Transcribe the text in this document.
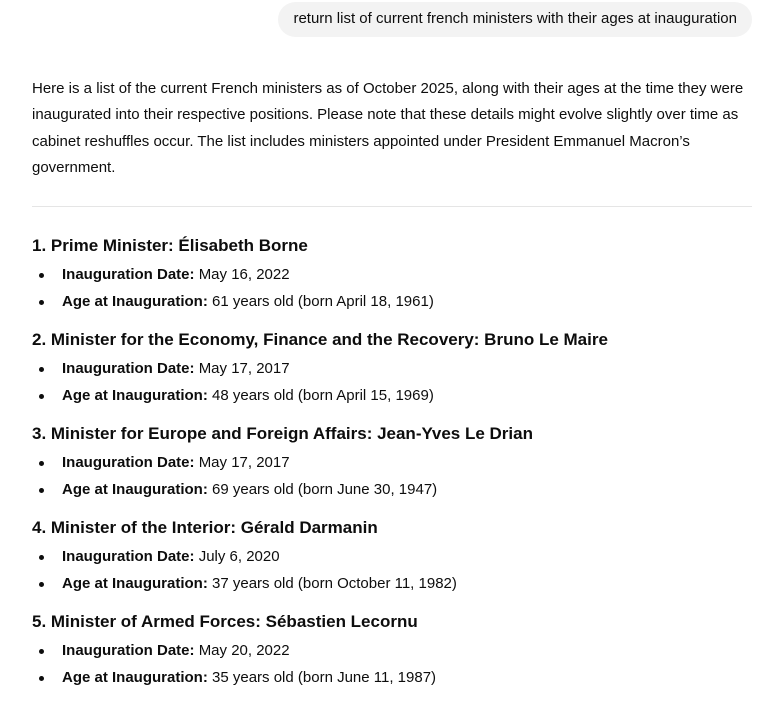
return list of current french ministers with their ages at inauguration

Here is a list of the current French ministers as of October 2025, along with their ages at the time they were inaugurated into their respective positions. Please note that these details might evolve slightly over time as cabinet reshuffles occur. The list includes ministers appointed under President Emmanuel Macron’s government.

1. Prime Minister: Élisabeth Borne
Inauguration Date: May 16, 2022
Age at Inauguration: 61 years old (born April 18, 1961)
2. Minister for the Economy, Finance and the Recovery: Bruno Le Maire
Inauguration Date: May 17, 2017
Age at Inauguration: 48 years old (born April 15, 1969)
3. Minister for Europe and Foreign Affairs: Jean-Yves Le Drian
Inauguration Date: May 17, 2017
Age at Inauguration: 69 years old (born June 30, 1947)
4. Minister of the Interior: Gérald Darmanin
Inauguration Date: July 6, 2020
Age at Inauguration: 37 years old (born October 11, 1982)
5. Minister of Armed Forces: Sébastien Lecornu
Inauguration Date: May 20, 2022
Age at Inauguration: 35 years old (born June 11, 1987)
